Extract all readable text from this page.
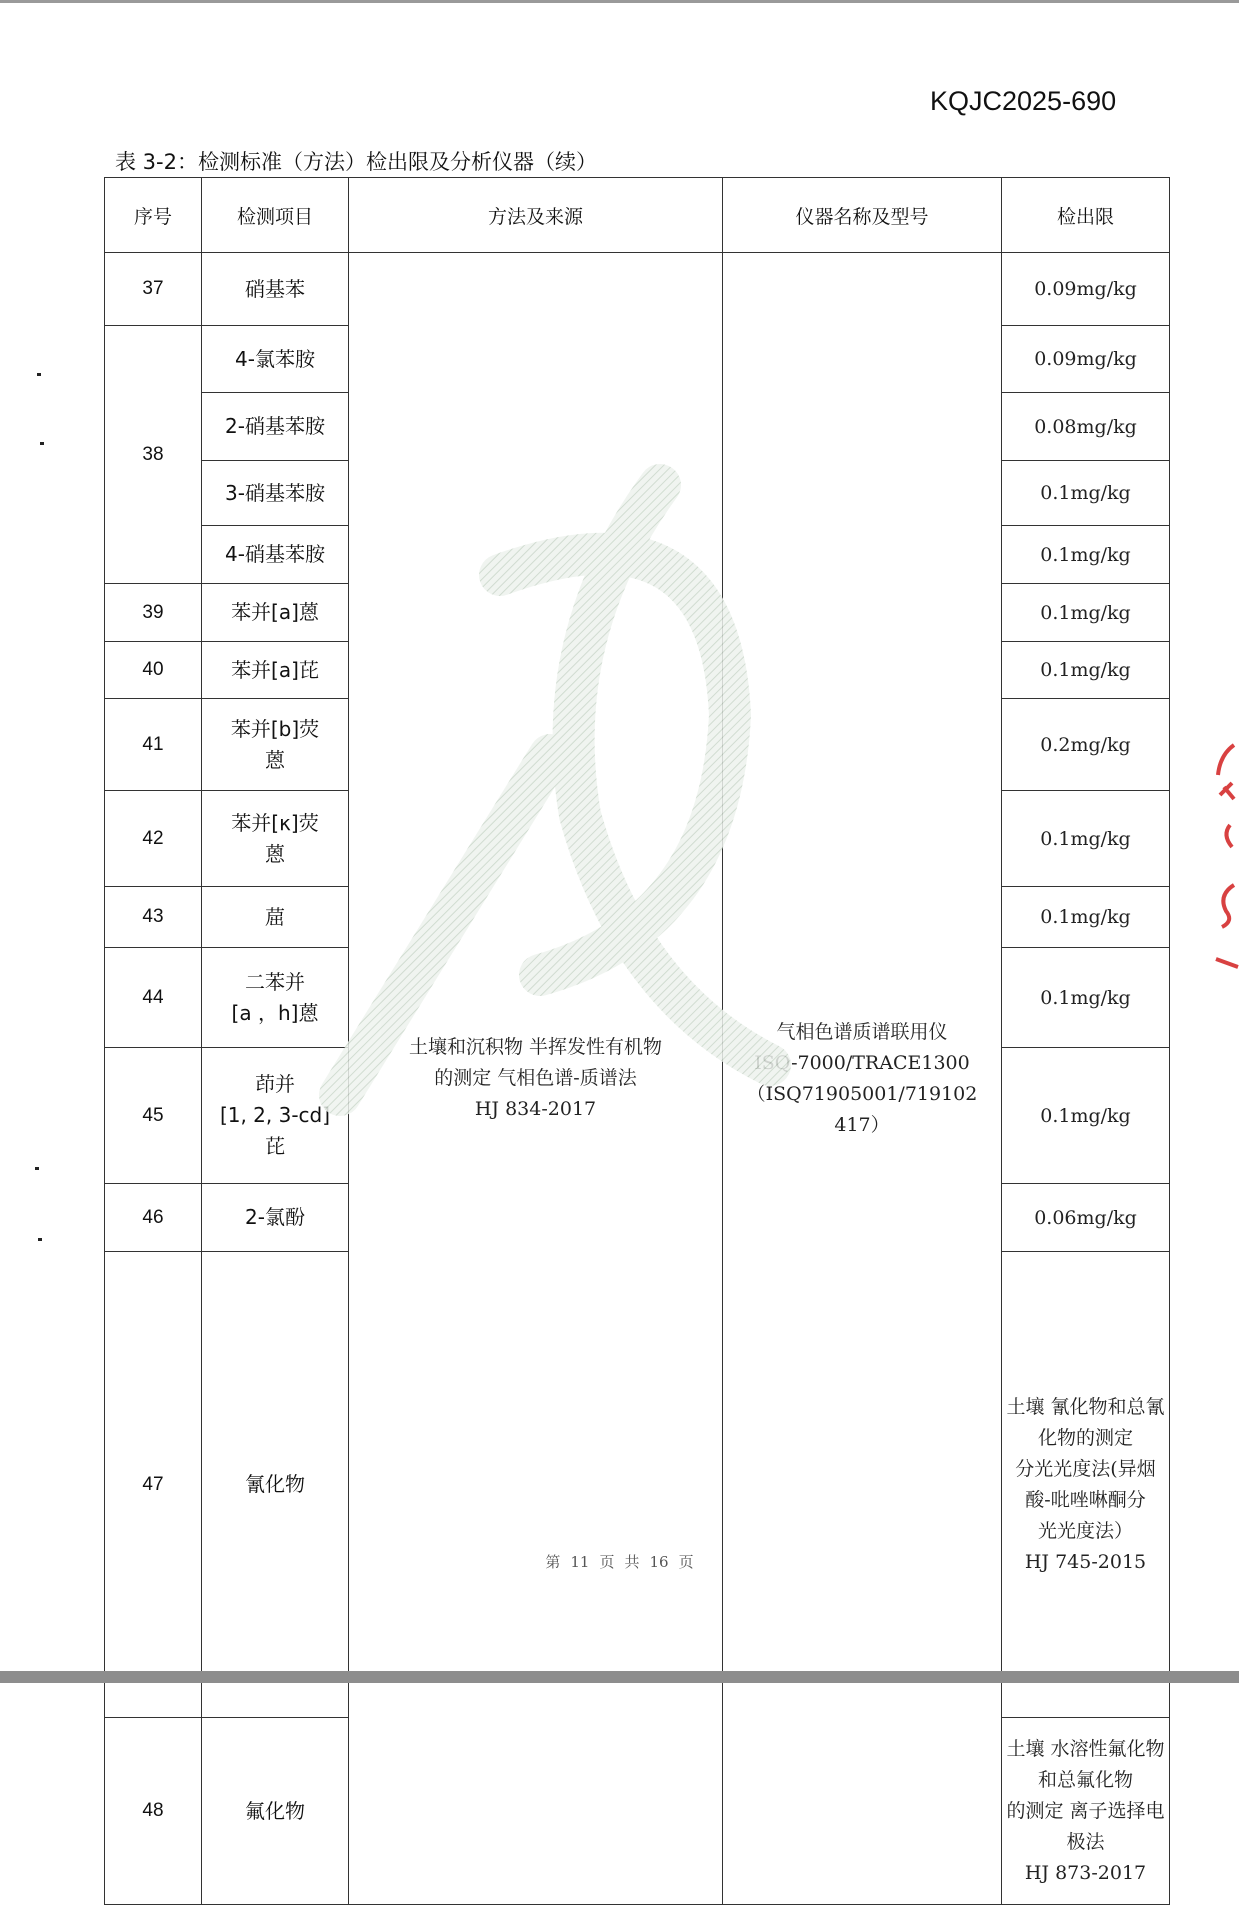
KQJC2025-690
表 3-2：检测标准（方法）检出限及分析仪器（续）
序号	检测项目	方法及来源	仪器名称及型号	检出限	
37	硝基苯	土壤和沉积物 半挥发性有机物
的测定 气相色谱-质谱法
HJ 834-2017	气相色谱质谱联用仪
ISQ-7000/TRACE1300
（ISQ71905001/719102
417）	0.09mg/kg	
38	4-氯苯胺			0.09mg/kg	
	2-硝基苯胺			0.08mg/kg	
	3-硝基苯胺			0.1mg/kg	
	4-硝基苯胺			0.1mg/kg	
39	苯并[a]蒽			0.1mg/kg	
40	苯并[a]芘			0.1mg/kg	
41	苯并[b]荧
蒽			0.2mg/kg	
42	苯并[κ]荧
蒽			0.1mg/kg	
43	䓛			0.1mg/kg	
44	二苯并
[a ，h]蒽			0.1mg/kg	
45	茚并
[1, 2, 3-cd]
芘			0.1mg/kg	
46	2-氯酚			0.06mg/kg	
47	氰化物			土壤 氰化物和总氰化物的测定
分光光度法(异烟酸-吡唑啉酮分
光光度法）
HJ 745-2015

48	氟化物			土壤 水溶性氟化物和总氟化物
的测定 离子选择电极法
HJ 873-2017

第 11 页 共 16 页
